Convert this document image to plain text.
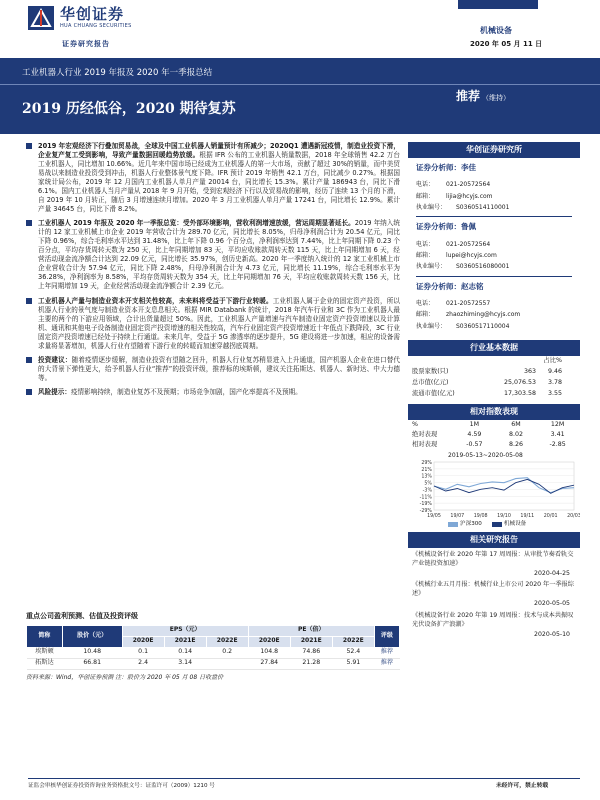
华创证券
HUA CHUANG SECURITIES
证券研究报告
机械设备
2020 年 05 月 11 日
工业机器人行业 2019 年报及 2020 年一季报总结
2019 历经低谷，2020 期待复苏
推荐 （维持）
2019 年宏观经济下行叠加贸易战，全球及中国工业机器人销量预计有所减少；2020Q1 遭遇新冠疫情，制造业投资下滑，企业复产复工受到影响，导致产量数据回暖趋势放缓。根据 IFR 公布的工业机器人销量数据，2018 年全球销售 42.2 万台工业机器人，同比增加 10.66%。近几年来中国市场已经成为工业机器人的第一大市场，贡献了超过 30%的销量，而中美贸易战以来制造业投资受到冲击，机器人行业整体景气度下降。IFR 预计 2019 年销售 42.1 万台，同比减少 0.27%。根据国家统计局公布，2019 年 12 月国内工业机器人单月产量 20014 台，同比增长 15.3%。累计产量 186943 台，同比下滑 6.1%。国内工业机器人当月产量从 2018 年 9 月开始，受到宏观经济下行以及贸易战的影响，经历了连续 13 个月的下滑，自 2019 年 10 月转正，随后 3 月增速连续月增加。2020 年 3 月工业机器人单月产量 17241 台，同比增长 12.9%。累计产量 34645 台，同比下滑 8.2%。
工业机器人 2019 年报及 2020 年一季报总览：受外部环境影响，营收利润增速放缓，营运周期显著延长。2019 年纳入统计的 12 家工业机械上市企业 2019 年营收合计为 289.70 亿元，同比增长 8.05%，归母净利润合计为 20.54 亿元，同比下降 0.96%，综合毛利率水平达到 31.48%，比上年下降 0.96 个百分点，净利润率达到 7.44%，比上年同期下降 0.23 个百分点，平均存货周转天数为 250 天，比上年同期增加 83 天，平均应收账款周转天数 115 天，比上年同期增加 6 天，经营活动现金流净额合计达到 22.09 亿元，同比增长 35.97%，创历史新高。2020 年一季度纳入统计的 12 家工业机械上市企业营收合计为 57.94 亿元，同比下降 2.48%，归母净利润合计为 4.73 亿元，同比增长 11.19%，综合毛利率水平为 36.28%，净利润率为 8.58%，平均存货周转天数为 354 天，比上年同期增加 76 天，平均应收账款周转天数 156 天，比上年同期增加 19 天，企业经营活动现金流净额合计 2.39 亿元。
工业机器人产量与制造业资本开支相关性较高，未来料将受益于下游行业转暖。工业机器人属于企业的固定资产投资，所以机器人行业的景气度与制造业资本开支息息相关。根据 MIR Databank 的统计，2018 年汽车行业和 3C 作为工业机器人最主要的两个的下游应用领域，合计出货量超过 50%。因此，工业机器人产量增速与汽车制造业固定资产投资增速以及计算机、通讯和其他电子设备制造业固定资产投资增速的相关性较高，汽车行业固定资产投资增速近十年低点下跌降段，3C 行业固定资产投资增速已经处于持续上行通道。未来几年，受益于 5G 渗透率的逐步提升，5G 建设将进一步加速，相应的设备需求量将显著增加，机器人行业有望随着下游行业的转暖而加速穿越拐底周期。
投资建议：随着疫情逐步缓解，制造业投资有望随之回升，机器人行业复苏稍显进入上升通道，国产机器人企业在进口替代的大背景下弹性更大，给予机器人行业“推荐”的投资评级，推荐标的埃斯顿，建议关注拓斯达、机器人、新时达、中大力德等。
风险提示：疫情影响持续，制造业复苏不及预期；市场竞争加剧，国产化率提高不及预期。
重点公司盈利预测、估值及投资评级
简称	股价（元）	EPS（元）			PE（倍）			评级
		2020E	2021E	2022E	2020E	2021E	2022E	
埃斯顿	10.48	0.1	0.14	0.2	104.8	74.86	52.4	推荐
拓斯达	66.81	2.4	3.14		27.84	21.28	5.91	推荐
资料来源：Wind，华创证券预测 注：股价为 2020 年 05 月 08 日收盘价
华创证券研究所
证券分析师：李佳
电话：	021-20572564
邮箱：	lijia@hcyjs.com
执业编号：	S0360514110001
证券分析师：鲁佩
电话：	021-20572564
邮箱：	lupei@hcyjs.com
执业编号：	S0360516080001
证券分析师：赵志铭
电话：	021-20572557
邮箱：	zhaozhiming@hcyjs.com
执业编号：	S0360517110004
行业基本数据
		占比%
股票家数(只)	363	9.46
总市值(亿元)	25,076.53	3.78
流通市值(亿元)	17,303.58	3.55
相对指数表现
%	1M	6M	12M
绝对表现	4.59	8.02	3.41
相对表现	-0.57	8.26	-2.85
29%
21%
13%
5%
-3%
-11%
-19%
-29%
19/05 19/07 19/08 19/10 19/11 20/01 20/03
2019-05-13~2020-05-08
沪深300	机械设备
相关研究报告
《机械设备行业 2020 年第 17 周周报：从审批节奏看轨交产业链投资加速》
2020-04-25
《机械行业五月月报：机械行业上市公司 2020 年一季报综述》
2020-05-05
《机械设备行业 2020 年第 19 周周报：技术与成本共振叹光伏设备扩产浪潮》
2020-05-10
证监会审核华创证券投资咨询业务资格批文号：证监许可（2009）1210 号	未经许可，禁止转载
